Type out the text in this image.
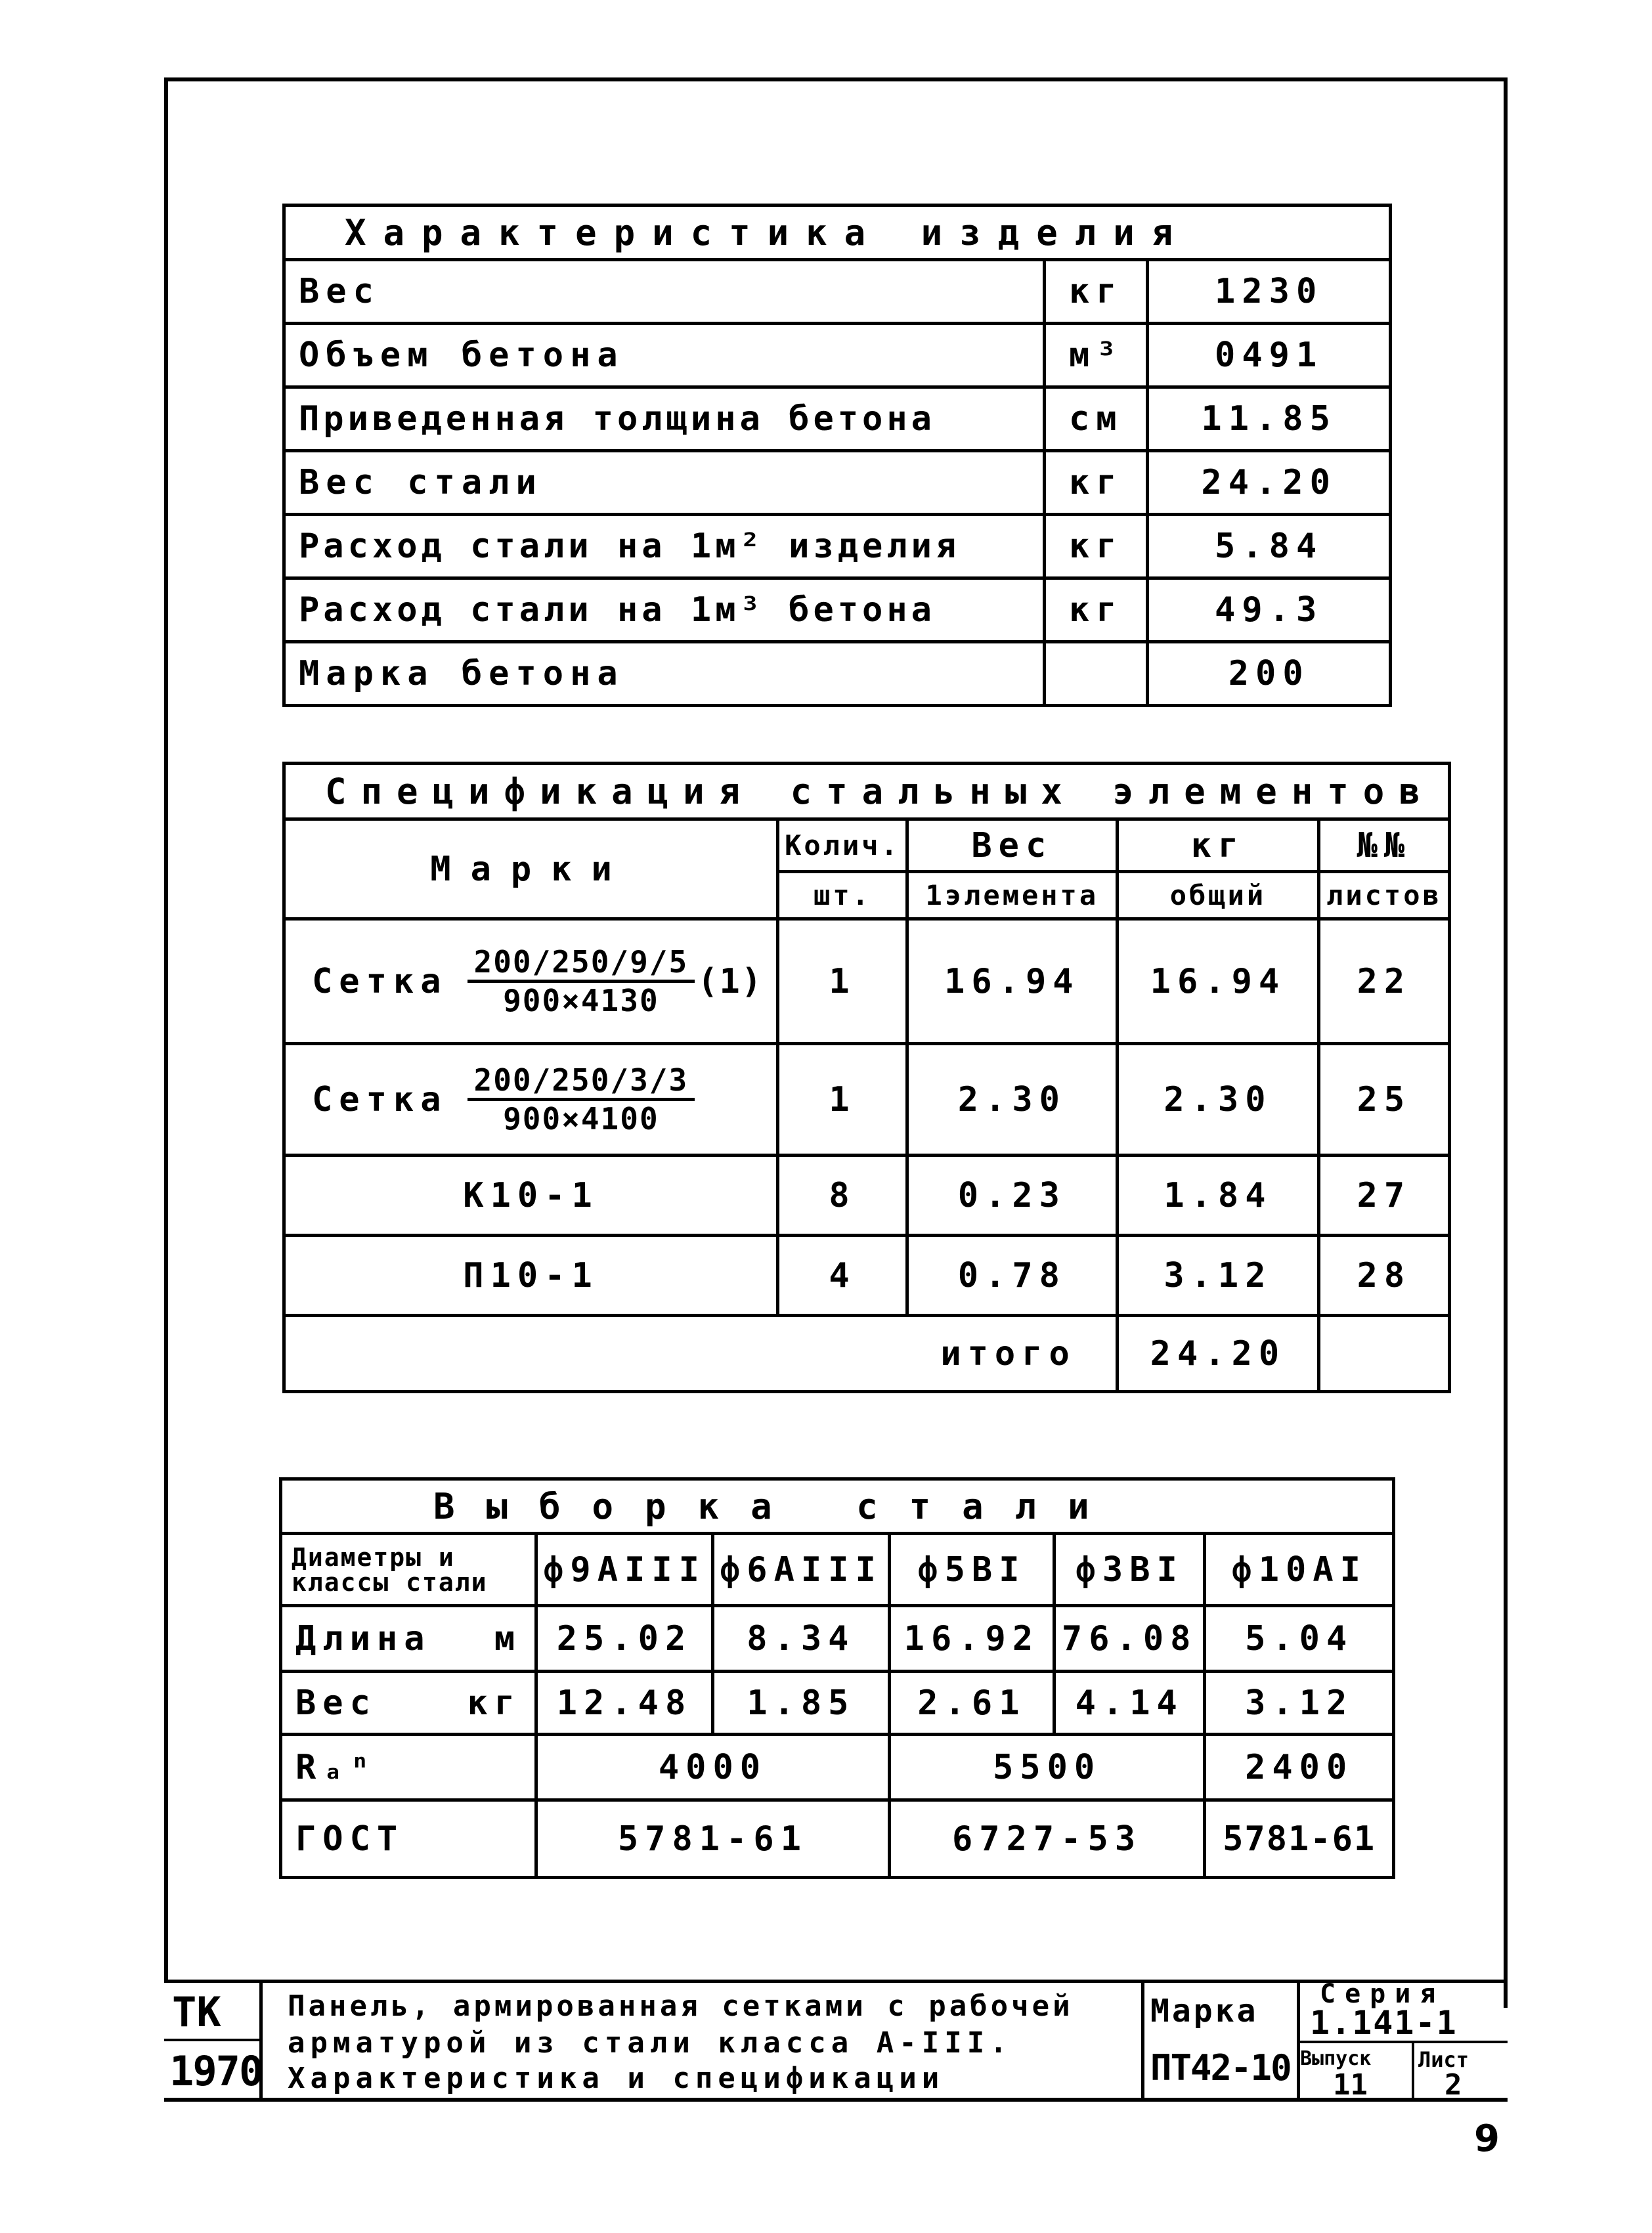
Характеристика изделия		
Вес	кг	1230
Объем бетона	м³	0491
Приведенная толщина бетона	см	11.85
Вес стали	кг	24.20
Расход стали на 1м² изделия	кг	5.84
Расход стали на 1м³ бетона	кг	49.3
Марка бетона		200
Спецификация стальных элементов				
Марки	Колич.	Вес	кг	№№
	шт.	1элемента	общий	листов

Сетка $\frac{200/250/9/5}{900\times 4130} (1)$	1	16.94	16.94	22

Сетка $\frac{200/250/3/3}{900\times 4100}$	1	2.30	2.30	25
К10-1	8	0.23	1.84	27
П10-1	4	0.78	3.12	28
итого			24.20	
Выборка стали					
Диаметры и классы стали	ф9АIII	ф6АIII	ф5ВI	ф3ВI	ф10АI
Длина м	25.02	8.34	16.92	76.08	5.04
Вес кг	12.48	1.85	2.61	4.14	3.12
Rₐⁿ	4000		5500		2400
ГОСТ	5781-61		6727-53		5781-61
ТК
1970
Панель, армированная сетками с рабочей
арматурой из стали класса А-III.
Характеристика и спецификации
Марка
ПТ42-10
Серия
1.141-1
Выпуск
11
Лист
2
9
